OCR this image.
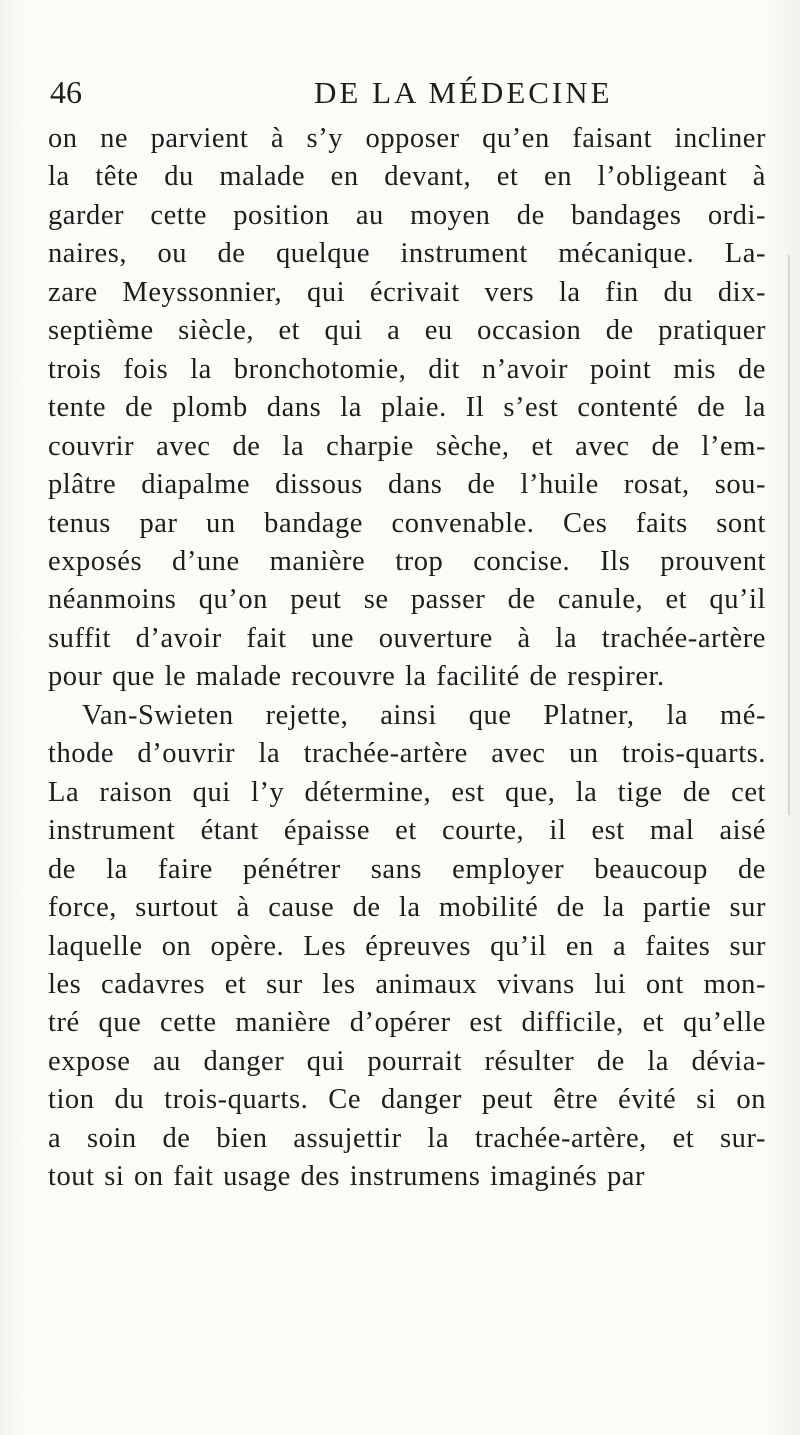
46	DE LA MÉDECINE
on ne parvient à s’y opposer qu’en faisant incliner
la tête du malade en devant, et en l’obligeant à
garder cette position au moyen de bandages ordi-
naires, ou de quelque instrument mécanique. La-
zare Meyssonnier, qui écrivait vers la fin du dix-
septième siècle, et qui a eu occasion de pratiquer
trois fois la bronchotomie, dit n’avoir point mis de
tente de plomb dans la plaie. Il s’est contenté de la
couvrir avec de la charpie sèche, et avec de l’em-
plâtre diapalme dissous dans de l’huile rosat, sou-
tenus par un bandage convenable. Ces faits sont
exposés d’une manière trop concise. Ils prouvent
néanmoins qu’on peut se passer de canule, et qu’il
suffit d’avoir fait une ouverture à la trachée-artère
pour que le malade recouvre la facilité de respirer.
Van-Swieten rejette, ainsi que Platner, la mé-
thode d’ouvrir la trachée-artère avec un trois-quarts.
La raison qui l’y détermine, est que, la tige de cet
instrument étant épaisse et courte, il est mal aisé
de la faire pénétrer sans employer beaucoup de
force, surtout à cause de la mobilité de la partie sur
laquelle on opère. Les épreuves qu’il en a faites sur
les cadavres et sur les animaux vivans lui ont mon-
tré que cette manière d’opérer est difficile, et qu’elle
expose au danger qui pourrait résulter de la dévia-
tion du trois-quarts. Ce danger peut être évité si on
a soin de bien assujettir la trachée-artère, et sur-
tout si on fait usage des instrumens imaginés par
